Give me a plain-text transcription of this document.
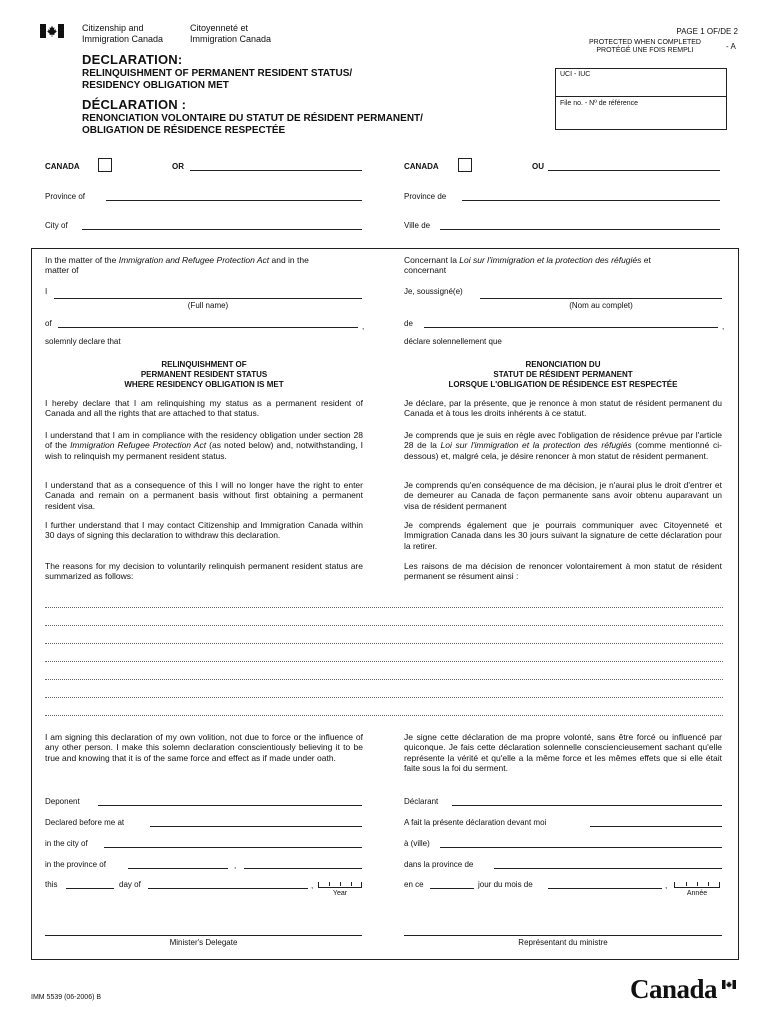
Citizenship and
Immigration Canada
Citoyenneté et
Immigration Canada
PAGE 1 OF/DE 2
PROTECTED WHEN COMPLETED
PROTÉGÉ UNE FOIS REMPLI	- A
UCI - IUC
File no. - Nº de référence
DECLARATION:
RELINQUISHMENT OF PERMANENT RESIDENT STATUS/
RESIDENCY OBLIGATION MET
DÉCLARATION :
RENONCIATION VOLONTAIRE DU STATUT DE RÉSIDENT PERMANENT/
OBLIGATION DE RÉSIDENCE RESPECTÉE
CANADA	OR	CANADA	OU
Province of	Province de
City of	Ville de
In the matter of the Immigration and Refugee Protection Act and in the
matter of
Concernant la Loi sur l'immigration et la protection des réfugiés et
concernant
I
(Full name)
Je, soussigné(e)
(Nom au complet)
of	,	de	,
solemnly declare that	déclare solennellement que
RELINQUISHMENT OF
PERMANENT RESIDENT STATUS
WHERE RESIDENCY OBLIGATION IS MET
RENONCIATION DU
STATUT DE RÉSIDENT PERMANENT
LORSQUE L'OBLIGATION DE RÉSIDENCE EST RESPECTÉE
I hereby declare that I am relinquishing my status as a permanent resident of Canada and all the rights that are attached to that status.
I understand that I am in compliance with the residency obligation under section 28 of the Immigration Refugee Protection Act (as noted below) and, notwithstanding, I wish to relinquish my permanent resident status.
I understand that as a consequence of this I will no longer have the right to enter Canada and remain on a permanent basis without first obtaining a permanent resident visa.
I further understand that I may contact Citizenship and Immigration Canada within 30 days of signing this declaration to withdraw this declaration.
The reasons for my decision to voluntarily relinquish permanent resident status are summarized as follows:
Je déclare, par la présente, que je renonce à mon statut de résident permanent du Canada et à tous les droits inhérents à ce statut.
Je comprends que je suis en règle avec l'obligation de résidence prévue par l'article 28 de la Loi sur l'immigration et la protection des réfugiés (comme mentionné ci-dessous) et, malgré cela, je désire renoncer à mon statut de résident permanent.
Je comprends qu'en conséquence de ma décision, je n'aurai plus le droit d'entrer et de demeurer au Canada de façon permanente sans avoir obtenu auparavant un visa de résident permanent
Je comprends également que je pourrais communiquer avec Citoyenneté et Immigration Canada dans les 30 jours suivant la signature de cette déclaration pour la retirer.
Les raisons de ma décision de renoncer volontairement à mon statut de résident permanent se résument ainsi :
I am signing this declaration of my own volition, not due to force or the influence of any other person. I make this solemn declaration conscientiously believing it to be true and knowing that it is of the same force and effect as if made under oath.
Je signe cette déclaration de ma propre volonté, sans être forcé ou influencé par quiconque. Je fais cette déclaration solennelle consciencieusement sachant qu'elle représente la vérité et qu'elle a la même force et les mêmes effets que si elle était faite sous la foi du serment.
Deponent
Declared before me at
in the city of
in the province of	,
this	day of	,
Year
Déclarant
A fait la présente déclaration devant moi
à (ville)
dans la province de
en ce	jour du mois de	,
Année
Minister's Delegate	Représentant du ministre
IMM 5539 (06-2006) B	Canada
